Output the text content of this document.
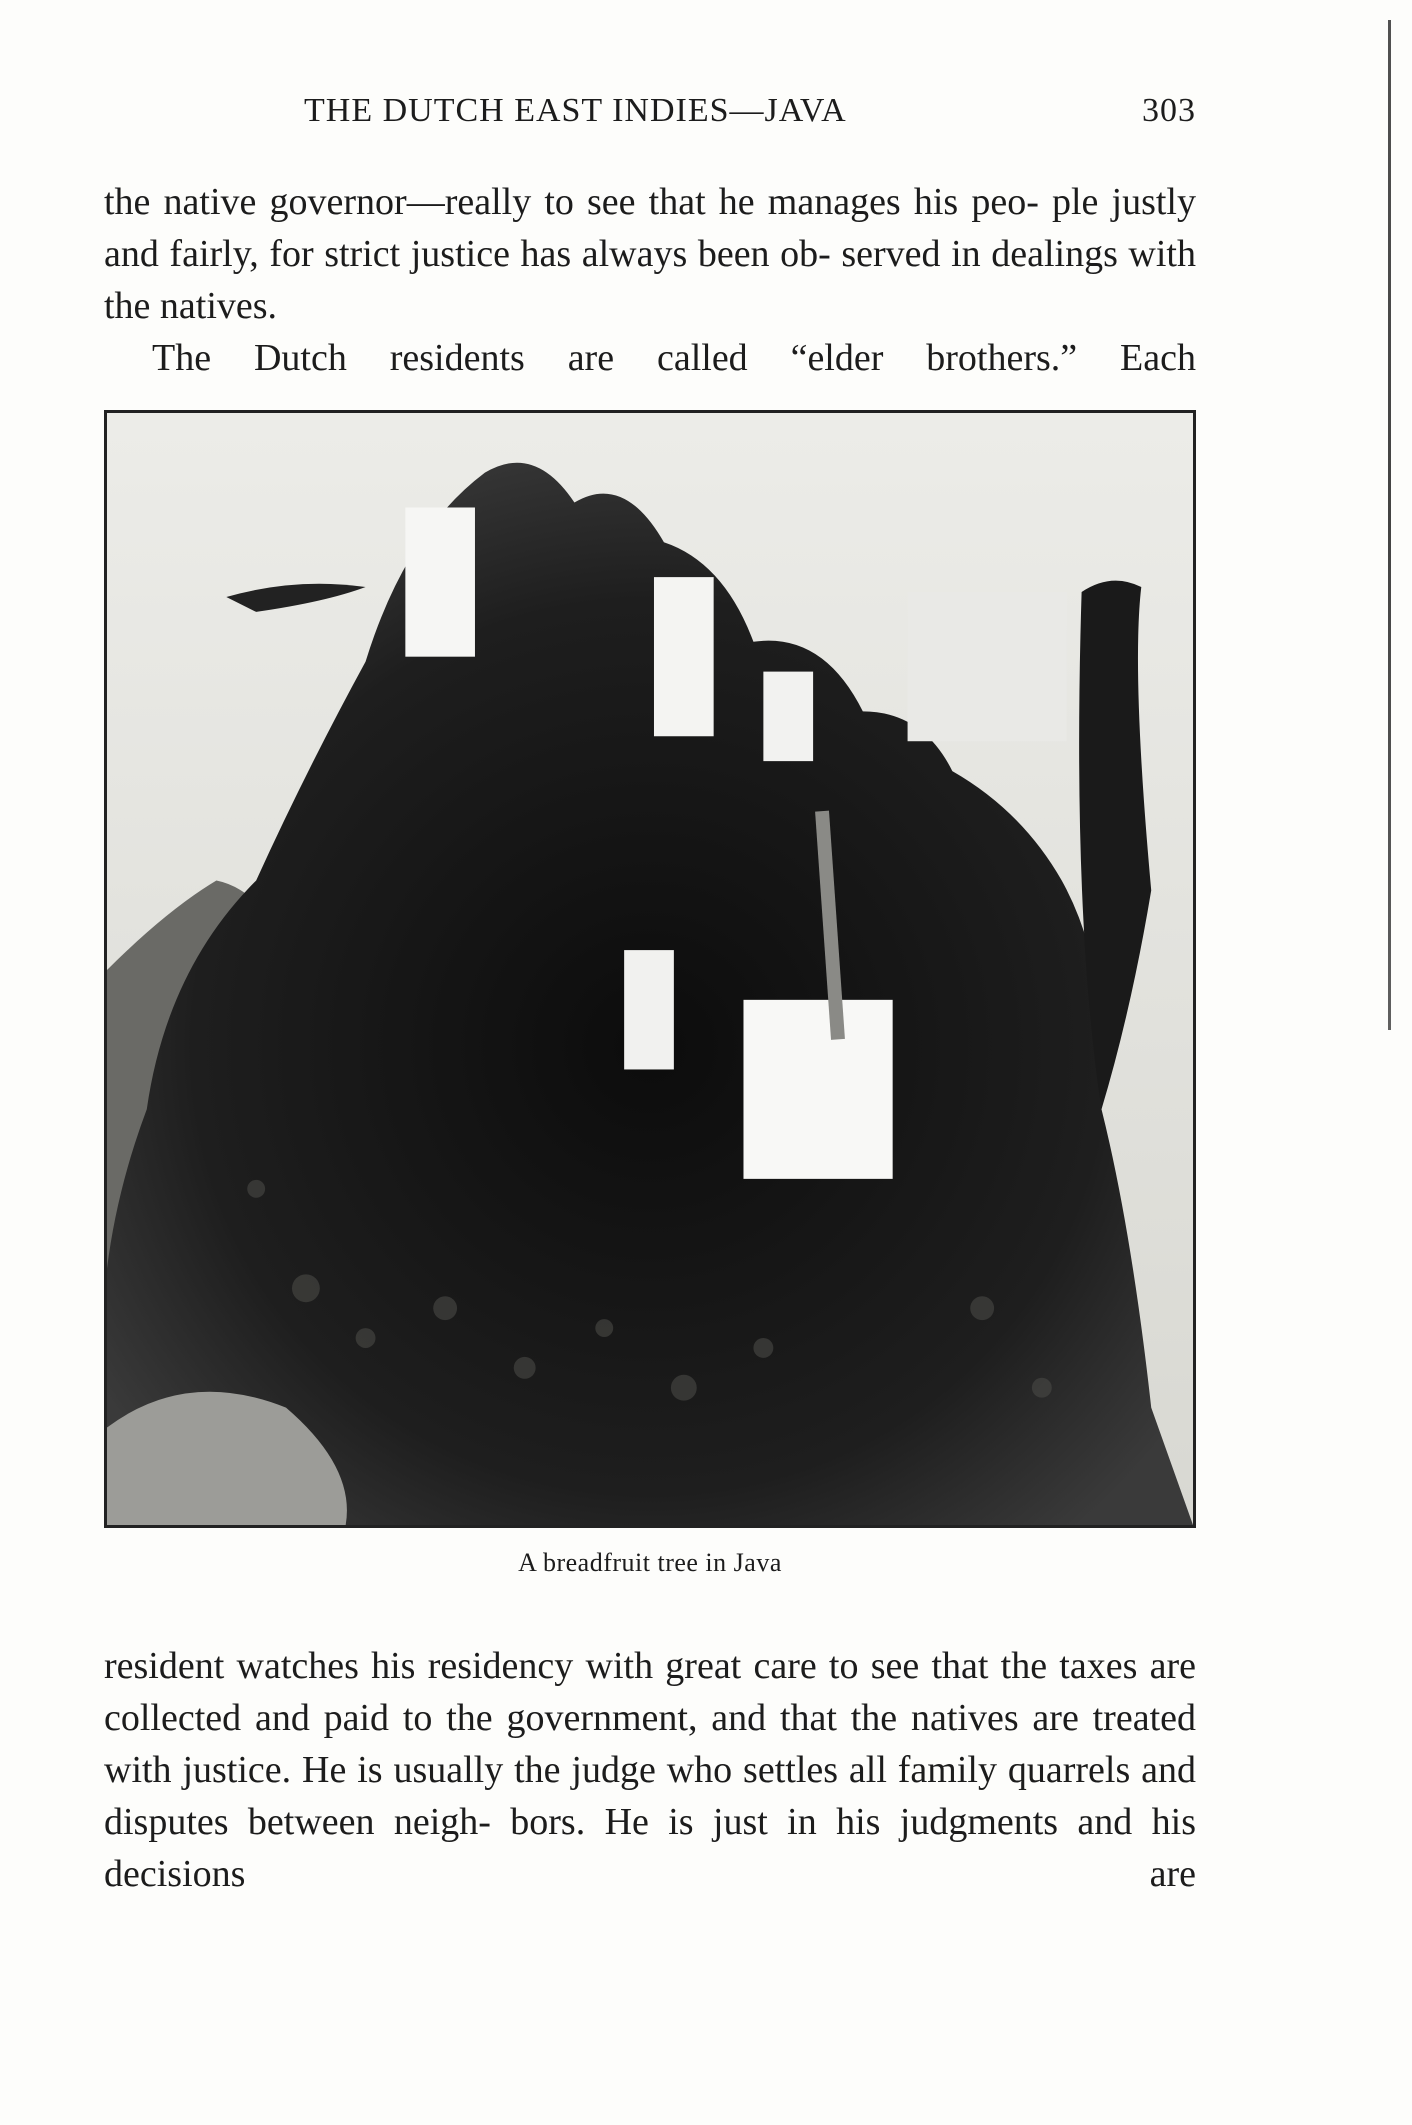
THE DUTCH EAST INDIES—JAVA	303

the native governor—really to see that he manages his peo- ple justly and fairly, for strict justice has always been ob- served in dealings with the natives.

The Dutch residents are called “elder brothers.” Each

A breadfruit tree in Java

resident watches his residency with great care to see that the taxes are collected and paid to the government, and that the natives are treated with justice. He is usually the judge who settles all family quarrels and disputes between neigh- bors. He is just in his judgments and his decisions are
